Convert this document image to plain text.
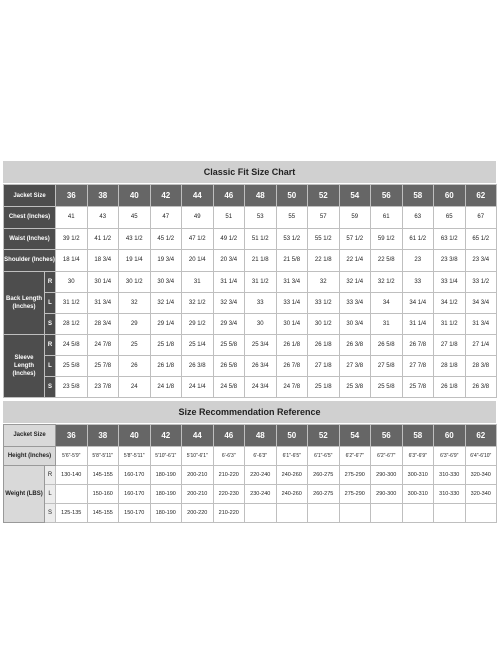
Classic Fit Size Chart
Jacket Size		36	38	40	42	44	46	48	50	52	54	56	58	60	62
Chest (Inches)		41	43	45	47	49	51	53	55	57	59	61	63	65	67
Waist (Inches)		39 1/2	41 1/2	43 1/2	45 1/2	47 1/2	49 1/2	51 1/2	53 1/2	55 1/2	57 1/2	59 1/2	61 1/2	63 1/2	65 1/2
Shoulder (Inches)		18 1/4	18 3/4	19 1/4	19 3/4	20 1/4	20 3/4	21 1/8	21 5/8	22 1/8	22 1/4	22 5/8	23	23 3/8	23 3/4
Back Length (Inches)	R	30	30 1/4	30 1/2	30 3/4	31	31 1/4	31 1/2	31 3/4	32	32 1/4	32 1/2	33	33 1/4	33 1/2
	L	31 1/2	31 3/4	32	32 1/4	32 1/2	32 3/4	33	33 1/4	33 1/2	33 3/4	34	34 1/4	34 1/2	34 3/4
	S	28 1/2	28 3/4	29	29 1/4	29 1/2	29 3/4	30	30 1/4	30 1/2	30 3/4	31	31 1/4	31 1/2	31 3/4
Sleeve Length (Inches)	R	24 5/8	24 7/8	25	25 1/8	25 1/4	25 5/8	25 3/4	26 1/8	26 1/8	26 3/8	26 5/8	26 7/8	27 1/8	27 1/4
	L	25 5/8	25 7/8	26	26 1/8	26 3/8	26 5/8	26 3/4	26 7/8	27 1/8	27 3/8	27 5/8	27 7/8	28 1/8	28 3/8
	S	23 5/8	23 7/8	24	24 1/8	24 1/4	24 5/8	24 3/4	24 7/8	25 1/8	25 3/8	25 5/8	25 7/8	26 1/8	26 3/8
Size Recommendation Reference
Jacket Size		36	38	40	42	44	46	48	50	52	54	56	58	60	62
Height (Inches)		5'6"-5'9"	5'8"-5'11"	5'8"-5'11"	5'10"-6'1"	5'10"-6'1"	6'-6'3"	6'-6'3"	6'1"-6'5"	6'1"-6'5"	6'2"-6'7"	6'2"-6'7"	6'3"-6'9"	6'3"-6'9"	6'4"-6'10"
Weight (LBS)	R	130-140	145-155	160-170	180-190	200-210	210-220	220-240	240-260	260-275	275-290	290-300	300-310	310-330	320-340
	L		150-160	160-170	180-190	200-210	220-230	230-240	240-260	260-275	275-290	290-300	300-310	310-330	320-340
	S	125-135	145-155	150-170	180-190	200-220	210-220								
